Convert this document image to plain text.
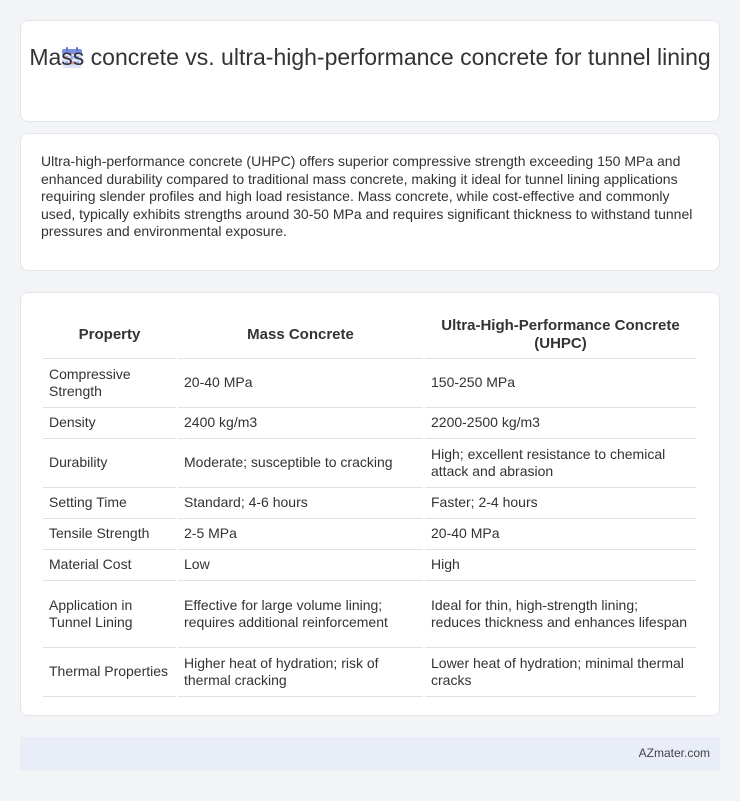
Mass concrete vs. ultra-high-performance concrete for tunnel lining

Ultra-high-performance concrete (UHPC) offers superior compressive strength exceeding 150 MPa and enhanced durability compared to traditional mass concrete, making it ideal for tunnel lining applications requiring slender profiles and high load resistance. Mass concrete, while cost-effective and commonly used, typically exhibits strengths around 30-50 MPa and requires significant thickness to withstand tunnel pressures and environmental exposure.

Property	Mass Concrete	Ultra-High-Performance Concrete (UHPC)
Compressive Strength	20-40 MPa	150-250 MPa
Density	2400 kg/m3	2200-2500 kg/m3
Durability	Moderate; susceptible to cracking	High; excellent resistance to chemical attack and abrasion
Setting Time	Standard; 4-6 hours	Faster; 2-4 hours
Tensile Strength	2-5 MPa	20-40 MPa
Material Cost	Low	High
Application in Tunnel Lining	Effective for large volume lining; requires additional reinforcement	Ideal for thin, high-strength lining; reduces thickness and enhances lifespan
Thermal Properties	Higher heat of hydration; risk of thermal cracking	Lower heat of hydration; minimal thermal cracks
AZmater.com
